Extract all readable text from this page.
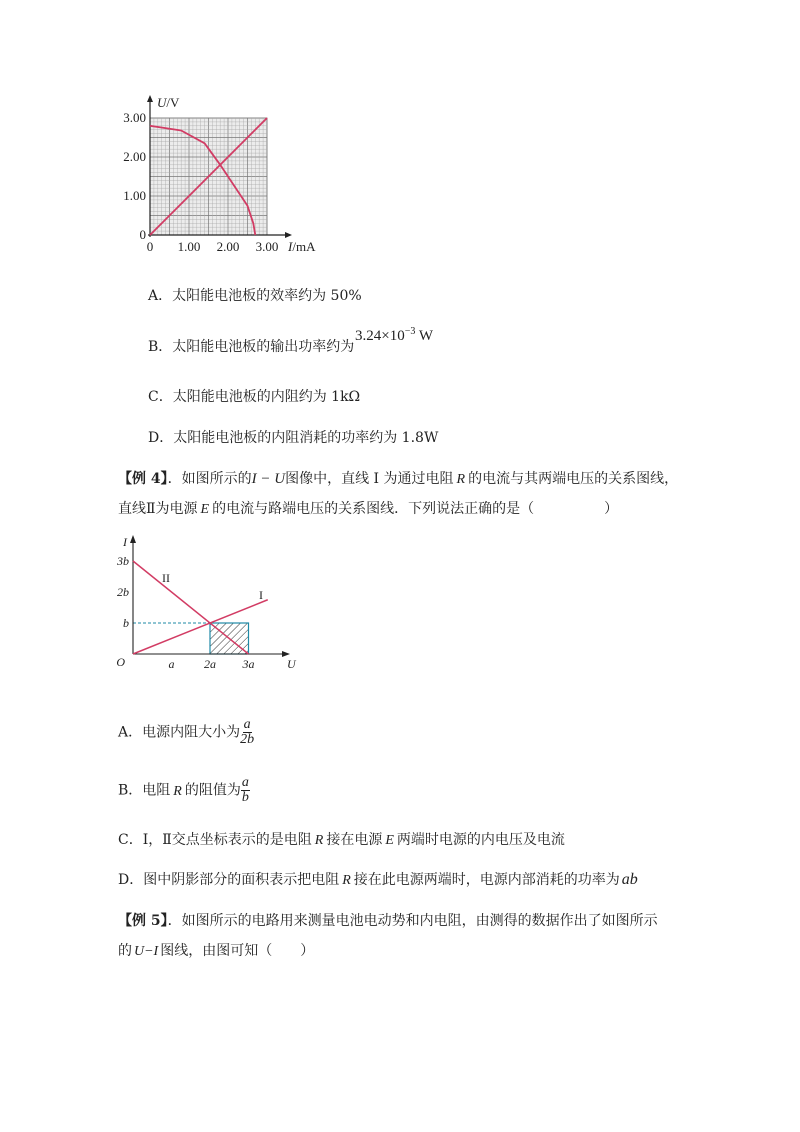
3.00
2.00
1.00
0
0 1.00 2.00 3.00
U/V
I/mA
A．太阳能电池板的效率约为 50%
B．太阳能电池板的输出功率约为
$3.24\times 10^{-3}$ W
C．太阳能电池板的内阻约为 1kΩ
D．太阳能电池板的内阻消耗的功率约为 1.8W
【例 4】．如图所示的I − U图像中，直线 I 为通过电阻 R 的电流与其两端电压的关系图线，
直线Ⅱ为电源 E 的电流与路端电压的关系图线．下列说法正确的是（	）
3b
2b
b
a 2a 3a
O	U
I
II
I
A．电源内阻大小为 $\frac{a}{2b}$
B．电阻 R 的阻值为 $\frac{a}{b}$
C．Ⅰ，Ⅱ交点坐标表示的是电阻 R 接在电源 E 两端时电源的内电压及电流
D．图中阴影部分的面积表示把电阻 R 接在此电源两端时，电源内部消耗的功率为 ab
【例 5】．如图所示的电路用来测量电池电动势和内电阻，由测得的数据作出了如图所示
的 U−I 图线，由图可知（　　）
